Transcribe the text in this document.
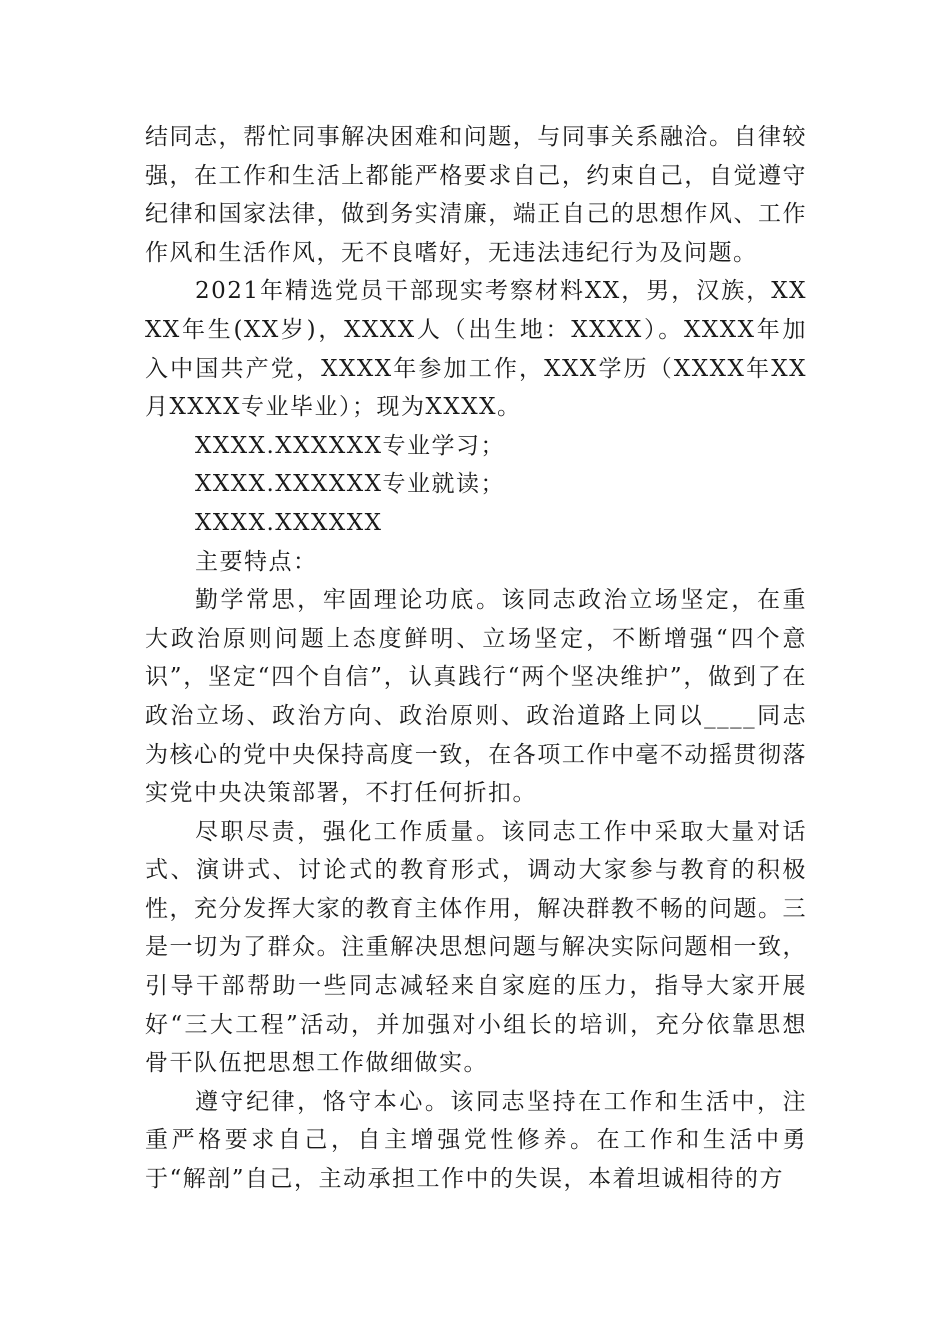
结同志，帮忙同事解决困难和问题，与同事关系融洽。自律较强，在工作和生活上都能严格要求自己，约束自己，自觉遵守纪律和国家法律，做到务实清廉，端正自己的思想作风、工作作风和生活作风，无不良嗜好，无违法违纪行为及问题。

2021年精选党员干部现实考察材料XX，男，汉族，XXXX年生(XX岁)，XXXX人（出生地：XXXX）。XXXX年加入中国共产党，XXXX年参加工作，XXX学历（XXXX年XX月XXXX专业毕业）；现为XXXX。

XXXX.XXXXXX专业学习；

XXXX.XXXXXX专业就读；

XXXX.XXXXXX

主要特点：

勤学常思，牢固理论功底。该同志政治立场坚定，在重大政治原则问题上态度鲜明、立场坚定，不断增强“四个意识”，坚定“四个自信”，认真践行“两个坚决维护”，做到了在政治立场、政治方向、政治原则、政治道路上同以____同志为核心的党中央保持高度一致，在各项工作中毫不动摇贯彻落实党中央决策部署，不打任何折扣。

尽职尽责，强化工作质量。该同志工作中采取大量对话式、演讲式、讨论式的教育形式，调动大家参与教育的积极性，充分发挥大家的教育主体作用，解决群教不畅的问题。三是一切为了群众。注重解决思想问题与解决实际问题相一致，引导干部帮助一些同志减轻来自家庭的压力，指导大家开展好“三大工程”活动，并加强对小组长的培训，充分依靠思想骨干队伍把思想工作做细做实。

遵守纪律，恪守本心。该同志坚持在工作和生活中，注重严格要求自己，自主增强党性修养。在工作和生活中勇于“解剖”自己，主动承担工作中的失误，本着坦诚相待的方
